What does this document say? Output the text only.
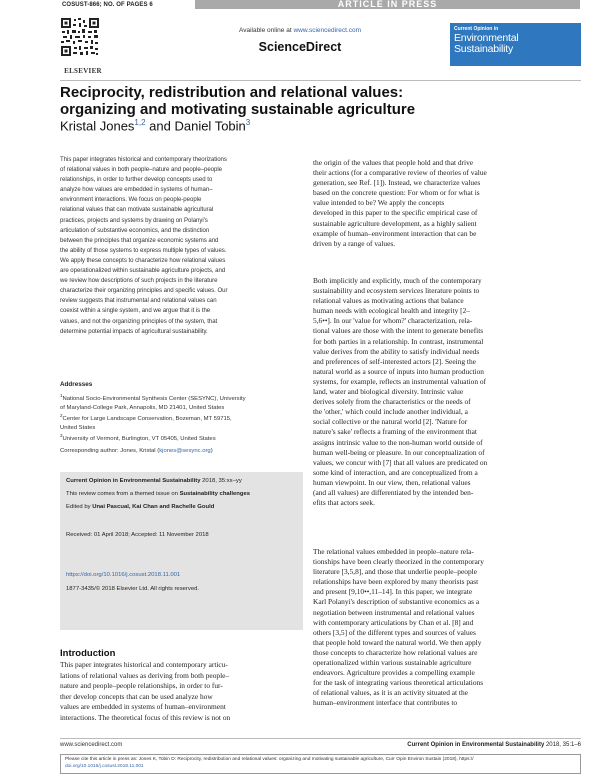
COSUST-866; NO. OF PAGES 6	ARTICLE IN PRESS
ELSEVIER
Available online at www.sciencedirect.com
ScienceDirect
Current Opinion in
Environmental Sustainability
Reciprocity, redistribution and relational values:
organizing and motivating sustainable agriculture
Kristal Jones$^{1,2}$ and Daniel Tobin$^3$
This paper integrates historical and contemporary theorizations
of relational values in both people–nature and people–people
relationships, in order to further develop concepts used to
analyze how values are embedded in systems of human–
environment interactions. We focus on people-people
relational values that can motivate sustainable agricultural
practices, projects and systems by drawing on Polanyi's
articulation of substantive economics, and the distinction
between the principles that organize economic systems and
the ability of those systems to express multiple types of values.
We apply these concepts to characterize how relational values
are operationalized within sustainable agriculture projects, and
we review how descriptions of such projects in the literature
characterize their organizing principles and specific values. Our
review suggests that instrumental and relational values can
coexist within a single system, and we argue that it is the
values, and not the organizing principles of the system, that
determine potential impacts of agricultural sustainability.
Addresses
$^1$National Socio-Environmental Synthesis Center (SESYNC), University
of Maryland-College Park, Annapolis, MD 21401, United States
$^2$Center for Large Landscape Conservation, Bozeman, MT 59715,
United States
$^3$University of Vermont, Burlington, VT 05405, United States
Corresponding author: Jones, Kristal (kjones@sesync.org)
Current Opinion in Environmental Sustainability 2018, 35:xx–yy
This review comes from a themed issue on Sustainability challenges
Edited by Unai Pascual, Kai Chan and Rachelle Gould
Received: 01 April 2018; Accepted: 11 November 2018
https://doi.org/10.1016/j.cosust.2018.11.001
1877-3435/© 2018 Elsevier Ltd. All rights reserved.
Introduction
This paper integrates historical and contemporary articu-
lations of relational values as deriving from both people–
nature and people–people relationships, in order to fur-
ther develop concepts that can be used analyze how
values are embedded in systems of human–environment
interactions. The theoretical focus of this review is not on
the origin of the values that people hold and that drive
their actions (for a comparative review of theories of value
generation, see Ref. [1]). Instead, we characterize values
based on the concrete question: For whom or for what is
value intended to be? We apply the concepts
developed in this paper to the specific empirical case of
sustainable agriculture development, as a highly salient
example of human–environment interaction that can be
driven by a range of values.
Both implicitly and explicitly, much of the contemporary
sustainability and ecosystem services literature points to
relational values as motivating actions that balance
human needs with ecological health and integrity [2–
5,6••]. In our 'value for whom?' characterization, rela-
tional values are those with the intent to generate benefits
for both parties in a relationship. In contrast, instrumental
value derives from the ability to satisfy individual needs
and preferences of self-interested actors [2]. Seeing the
natural world as a source of inputs into human production
systems, for example, reflects an instrumental valuation of
land, water and biological diversity. Intrinsic value
derives solely from the characteristics or the needs of
the 'other,' which could include another individual, a
social collective or the natural world [2]. 'Nature for
nature's sake' reflects a framing of the environment that
assigns intrinsic value to the non-human world outside of
human well-being or pleasure. In our conceptualization of
values, we concur with [7] that all values are predicated on
some kind of interaction, and are conceptualized from a
human viewpoint. In our view, then, relational values
(and all values) are differentiated by the intended ben-
efits that actors seek.
The relational values embedded in people–nature rela-
tionships have been clearly theorized in the contemporary
literature [3,5,8], and those that underlie people–people
relationships have been explored by many theorists past
and present [9,10••,11–14]. In this paper, we integrate
Karl Polanyi's description of substantive economics as a
negotiation between instrumental and relational values
with contemporary articulations by Chan et al. [8] and
others [3,5] of the different types and sources of values
that people hold toward the natural world. We then apply
those concepts to characterize how relational values are
operationalized within various sustainable agriculture
endeavors. Agriculture provides a compelling example
for the task of integrating various theoretical articulations
of relational values, as it is an activity situated at the
human–environment interface that contributes to
www.sciencedirect.com	Current Opinion in Environmental Sustainability 2018, 35:1–6
Please cite this article in press as: Jones K, Tobin D: Reciprocity, redistribution and relational values: organizing and motivating sustainable agriculture, Curr Opin Environ Sustain (2018), https://
doi.org/10.1016/j.cosust.2018.11.001
